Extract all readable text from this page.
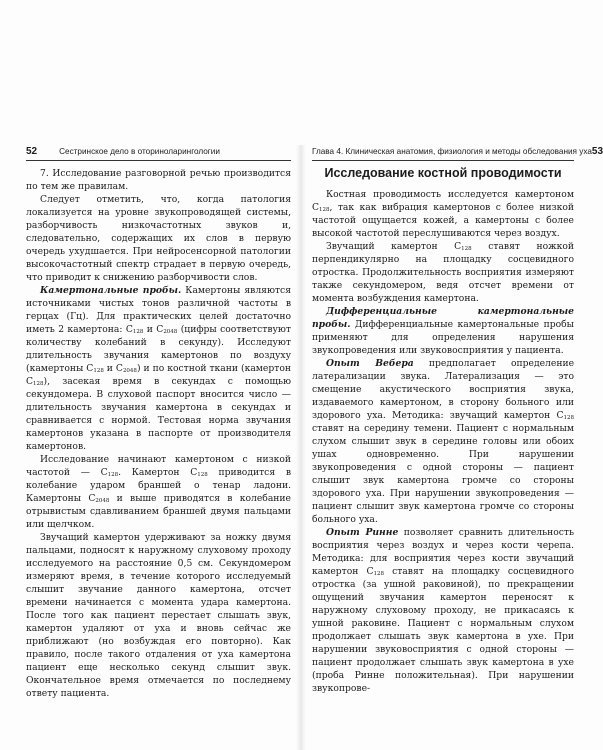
52	Сестринское дело в оториноларингологии

7. Исследование разговорной речью производится по тем же правилам.

Следует отметить, что, когда патология локализуется на уровне звукопроводящей системы, разборчивость низкочастотных звуков и, следовательно, содержащих их слов в первую очередь ухудшается. При нейросенсорной патологии высокочастотный спектр страдает в первую очередь, что приводит к снижению разборчивости слов.

Камертональные пробы. Камертоны являются источниками чистых тонов различной частоты в герцах (Гц). Для практических целей достаточно иметь 2 камертона: $C_{128}$ и $C_{2048}$ (цифры соответствуют количеству колебаний в секунду). Исследуют длительность звучания камертонов по воздуху (камертоны $C_{128}$ и $C_{2048}$) и по костной ткани (камертон $C_{128}$), засекая время в секундах с помощью секундомера. В слуховой паспорт вносится число — длительность звучания камертона в секундах и сравнивается с нормой. Тестовая норма звучания камертонов указана в паспорте от производителя камертонов.

Исследование начинают камертоном с низкой частотой — $C_{128}$. Камертон $C_{128}$ приводится в колебание ударом браншей о тенар ладони. Камертоны $C_{2048}$ и выше приводятся в колебание отрывистым сдавливанием браншей двумя пальцами или щелчком.

Звучащий камертон удерживают за ножку двумя пальцами, подносят к наружному слуховому проходу исследуемого на расстояние 0,5 см. Секундомером измеряют время, в течение которого исследуемый слышит звучание данного камертона, отсчет времени начинается с момента удара камертона. После того как пациент перестает слышать звук, камертон удаляют от уха и вновь сейчас же приближают (но возбуждая его повторно). Как правило, после такого отдаления от уха камертона пациент еще несколько секунд слышит звук. Окончательное время отмечается по последнему ответу пациента.

Глава 4. Клиническая анатомия, физиология и методы обследования уха 53
Исследование костной проводимости

Костная проводимость исследуется камертоном $C_{128}$, так как вибрация камертонов с более низкой частотой ощущается кожей, а камертоны с более высокой частотой переслушиваются через воздух.

Звучащий камертон $C_{128}$ ставят ножкой перпендикулярно на площадку сосцевидного отростка. Продолжительность восприятия измеряют также секундомером, ведя отсчет времени от момента возбуждения камертона.

Дифференциальные камертональные пробы. Дифференциальные камертональные пробы применяют для определения нарушения звукопроведения или звуковосприятия у пациента.

Опыт Вебера предполагает определение латерализации звука. Латерализация — это смещение акустического восприятия звука, издаваемого камертоном, в сторону больного или здорового уха. Методика: звучащий камертон $C_{128}$ ставят на середину темени. Пациент с нормальным слухом слышит звук в середине головы или обоих ушах одновременно. При нарушении звукопроведения с одной стороны — пациент слышит звук камертона громче со стороны здорового уха. При нарушении звукопроведения — пациент слышит звук камертона громче со стороны больного уха.

Опыт Ринне позволяет сравнить длительность восприятия через воздух и через кости черепа. Методика: для восприятия через кости звучащий камертон $C_{128}$ ставят на площадку сосцевидного отростка (за ушной раковиной), по прекращении ощущений звучания камертон переносят к наружному слуховому проходу, не прикасаясь к ушной раковине. Пациент с нормальным слухом продолжает слышать звук камертона в ухе. При нарушении звуковосприятия с одной стороны — пациент продолжает слышать звук камертона в ухе (проба Ринне положительная). При нарушении звукопрове-
